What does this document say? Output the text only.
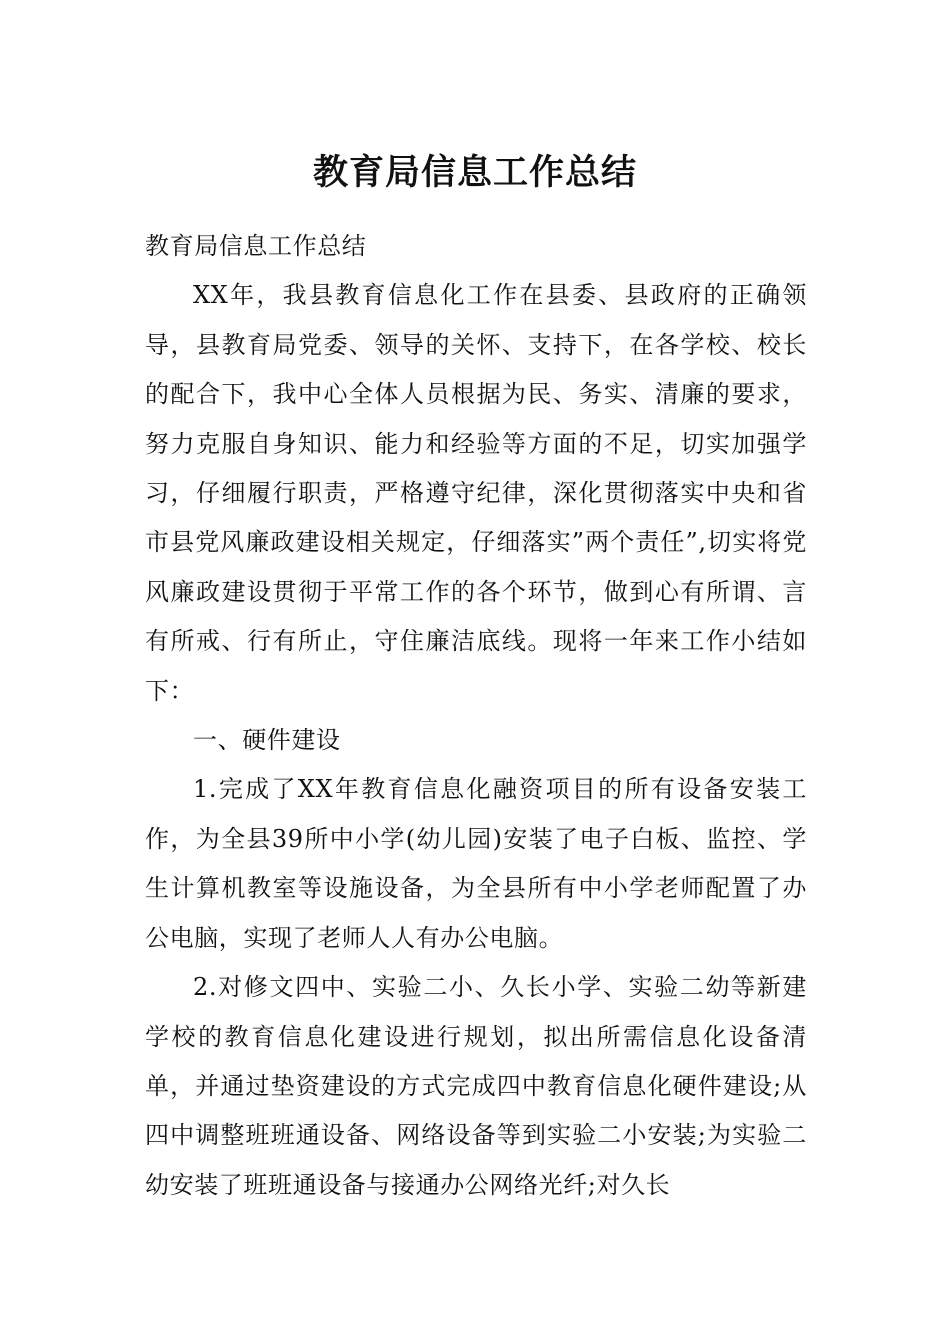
教育局信息工作总结

教育局信息工作总结

XX年，我县教育信息化工作在县委、县政府的正确领导，县教育局党委、领导的关怀、支持下，在各学校、校长的配合下，我中心全体人员根据为民、务实、清廉的要求，努力克服自身知识、能力和经验等方面的不足，切实加强学习，仔细履行职责，严格遵守纪律，深化贯彻落实中央和省市县党风廉政建设相关规定，仔细落实”两个责任”,切实将党风廉政建设贯彻于平常工作的各个环节，做到心有所谓、言有所戒、行有所止，守住廉洁底线。现将一年来工作小结如下：

一、硬件建设

1.完成了XX年教育信息化融资项目的所有设备安装工作，为全县39所中小学(幼儿园)安装了电子白板、监控、学生计算机教室等设施设备，为全县所有中小学老师配置了办公电脑，实现了老师人人有办公电脑。

2.对修文四中、实验二小、久长小学、实验二幼等新建学校的教育信息化建设进行规划，拟出所需信息化设备清单，并通过垫资建设的方式完成四中教育信息化硬件建设;从四中调整班班通设备、网络设备等到实验二小安装;为实验二幼安装了班班通设备与接通办公网络光纤;对久长
